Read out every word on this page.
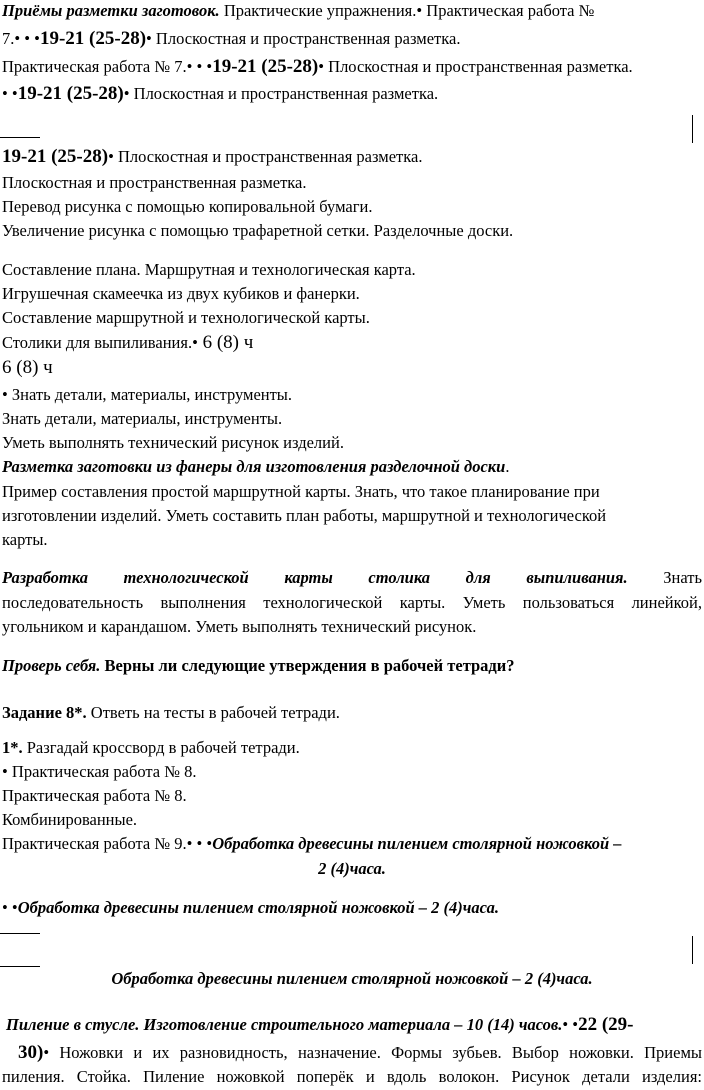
Приёмы разметки заготовок. Практические упражнения.• Практическая работа №
7.• • •19-21 (25-28)• Плоскостная и пространственная разметка.
Практическая работа № 7.• • •19-21 (25-28)• Плоскостная и пространственная разметка.
• •19-21 (25-28)• Плоскостная и пространственная разметка.
19-21 (25-28)• Плоскостная и пространственная разметка.
Плоскостная и пространственная разметка.
Перевод рисунка с помощью копировальной бумаги.
Увеличение рисунка с помощью трафаретной сетки. Разделочные доски.
Составление плана. Маршрутная и технологическая карта.
Игрушечная скамеечка из двух кубиков и фанерки.
Составление маршрутной и технологической карты.
Столики для выпиливания.• 6 (8) ч
6 (8) ч
• Знать детали, материалы, инструменты.
Знать детали, материалы, инструменты.
Уметь выполнять технический рисунок изделий.
Разметка заготовки из фанеры для изготовления разделочной доски.
Пример составления простой маршрутной карты. Знать, что такое планирование при
изготовлении изделий. Уметь составить план работы, маршрутной и технологической
карты.
Разработка технологической карты столика для выпиливания. Знать
последовательность выполнения технологической карты. Уметь пользоваться линейкой,
угольником и карандашом. Уметь выполнять технический рисунок.
Проверь себя. Верны ли следующие утверждения в рабочей тетради?
Задание 8*. Ответь на тесты в рабочей тетради.
1*. Разгадай кроссворд в рабочей тетради.
• Практическая работа № 8.
Практическая работа № 8.
Комбинированные.
Практическая работа № 9.• • •Обработка древесины пилением столярной ножовкой –
2 (4)часа.
• •Обработка древесины пилением столярной ножовкой – 2 (4)часа.
Обработка древесины пилением столярной ножовкой – 2 (4)часа.
Пиление в стусле. Изготовление строительного материала – 10 (14) часов.• •22 (29-
30)• Ножовки и их разновидность, назначение. Формы зубьев. Выбор ножовки. Приемы
пиления. Стойка. Пиление ножовкой поперёк и вдоль волокон. Рисунок детали изделия:
